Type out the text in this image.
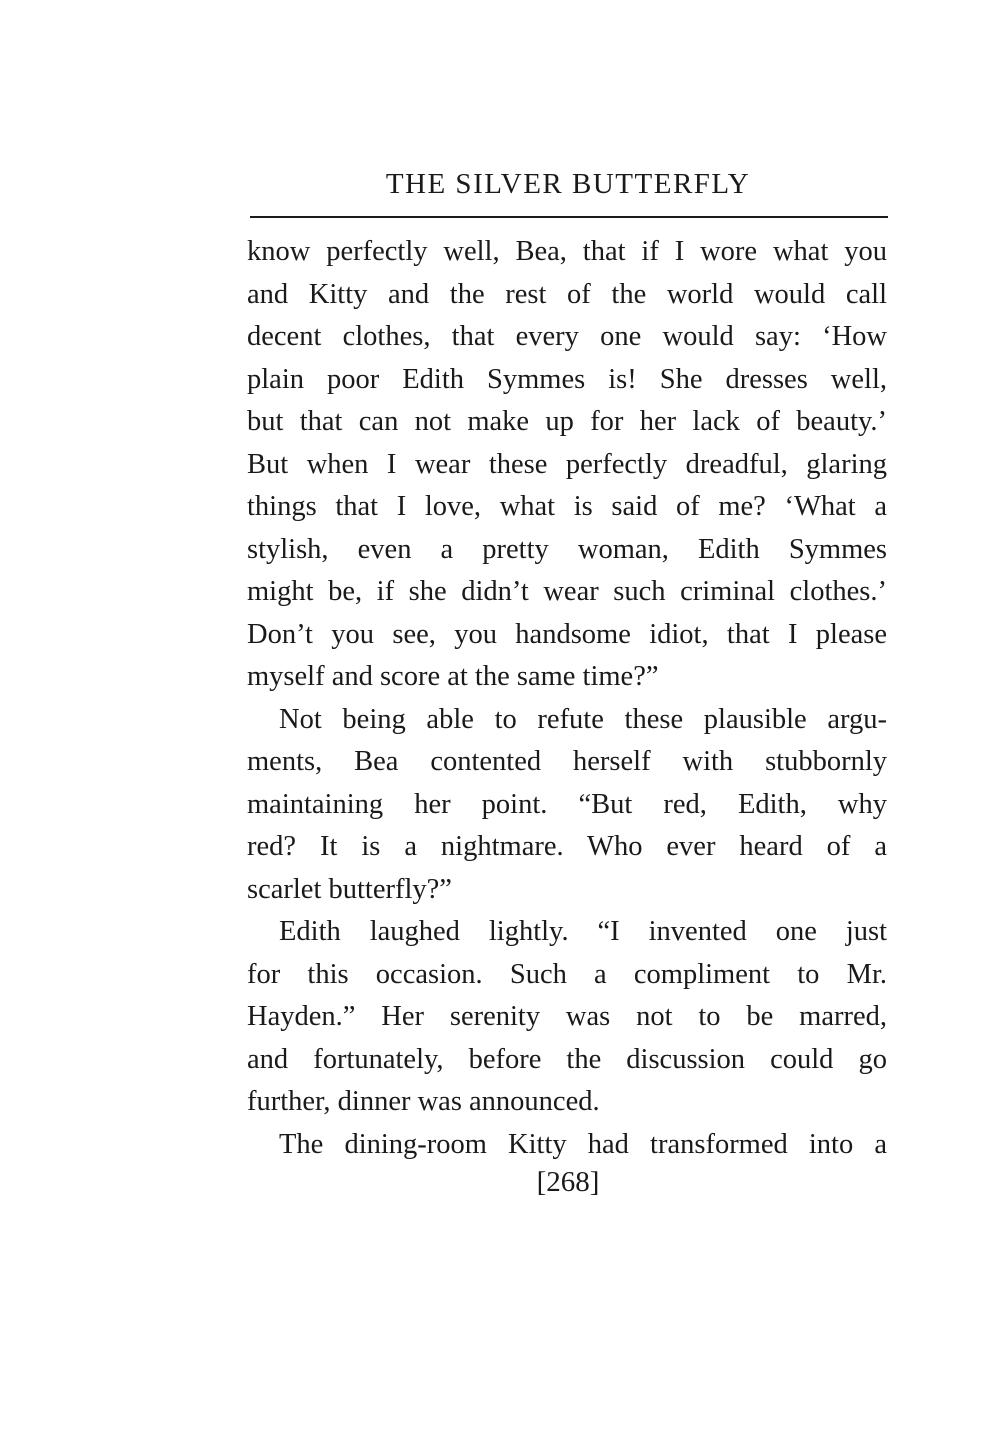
THE SILVER BUTTERFLY
know perfectly well, Bea, that if I wore what you
and Kitty and the rest of the world would call
decent clothes, that every one would say: ‘How
plain poor Edith Symmes is! She dresses well,
but that can not make up for her lack of beauty.’
But when I wear these perfectly dreadful, glaring
things that I love, what is said of me? ‘What a
stylish, even a pretty woman, Edith Symmes
might be, if she didn’t wear such criminal clothes.’
Don’t you see, you handsome idiot, that I please
myself and score at the same time?”
Not being able to refute these plausible argu-
ments, Bea contented herself with stubbornly
maintaining her point. “But red, Edith, why
red? It is a nightmare. Who ever heard of a
scarlet butterfly?”
Edith laughed lightly. “I invented one just
for this occasion. Such a compliment to Mr.
Hayden.” Her serenity was not to be marred,
and fortunately, before the discussion could go
further, dinner was announced.
The dining-room Kitty had transformed into a
[268]
